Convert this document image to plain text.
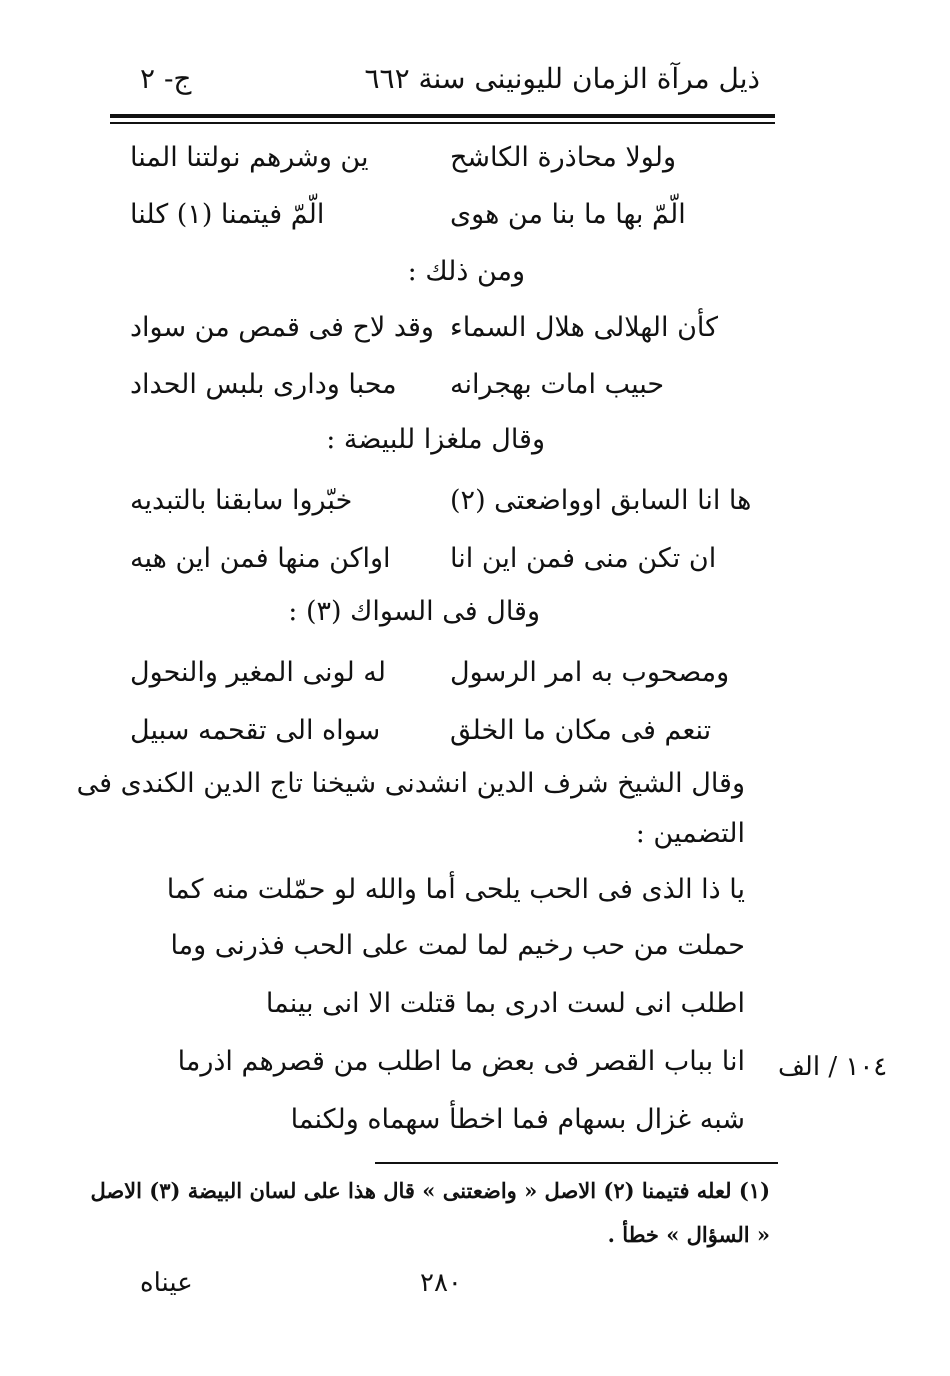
ذيل مرآة الزمان لليونينى سنة ٦٦٢
ج- ٢
ولولا محاذرة الكاشح
ين وشرهم نولتنا المنا
الّمّ بها ما بنا من هوى
الّمّ فيتمنا (١) كلنا
ومن ذلك :
كأن الهلالى هلال السماء
وقد لاح فى قمص من سواد
حبيب امات بهجرانه
محبا ودارى بلبس الحداد
وقال ملغزا للبيضة :
ها انا السابق اوواضعتى (٢)
خبّروا سابقنا بالتبديه
ان تكن منى فمن اين انا
اواكن منها فمن اين هيه
وقال فى السواك (٣) :
ومصحوب به امر الرسول
له لونى المغير والنحول
تنعم فى مكان ما الخلق
سواه الى تقحمه سبيل
وقال الشيخ شرف الدين انشدنى شيخنا تاج الدين الكندى فى
التضمين :
يا ذا الذى فى الحب يلحى أما والله لو حمّلت منه كما
حملت من حب رخيم لما لمت على الحب فذرنى وما
اطلب انى لست ادرى بما قتلت الا انى بينما
انا بباب القصر فى بعض ما اطلب من قصرهم اذرما
شبه غزال بسهام فما اخطأ سهماه ولكنما
١٠٤ / الف
(١) لعله فتيمنا (٢) الاصل « واضعتنى » قال هذا على لسان البيضة (٣) الاصل
« السؤال » خطأ .
عيناه	٢٨٠
